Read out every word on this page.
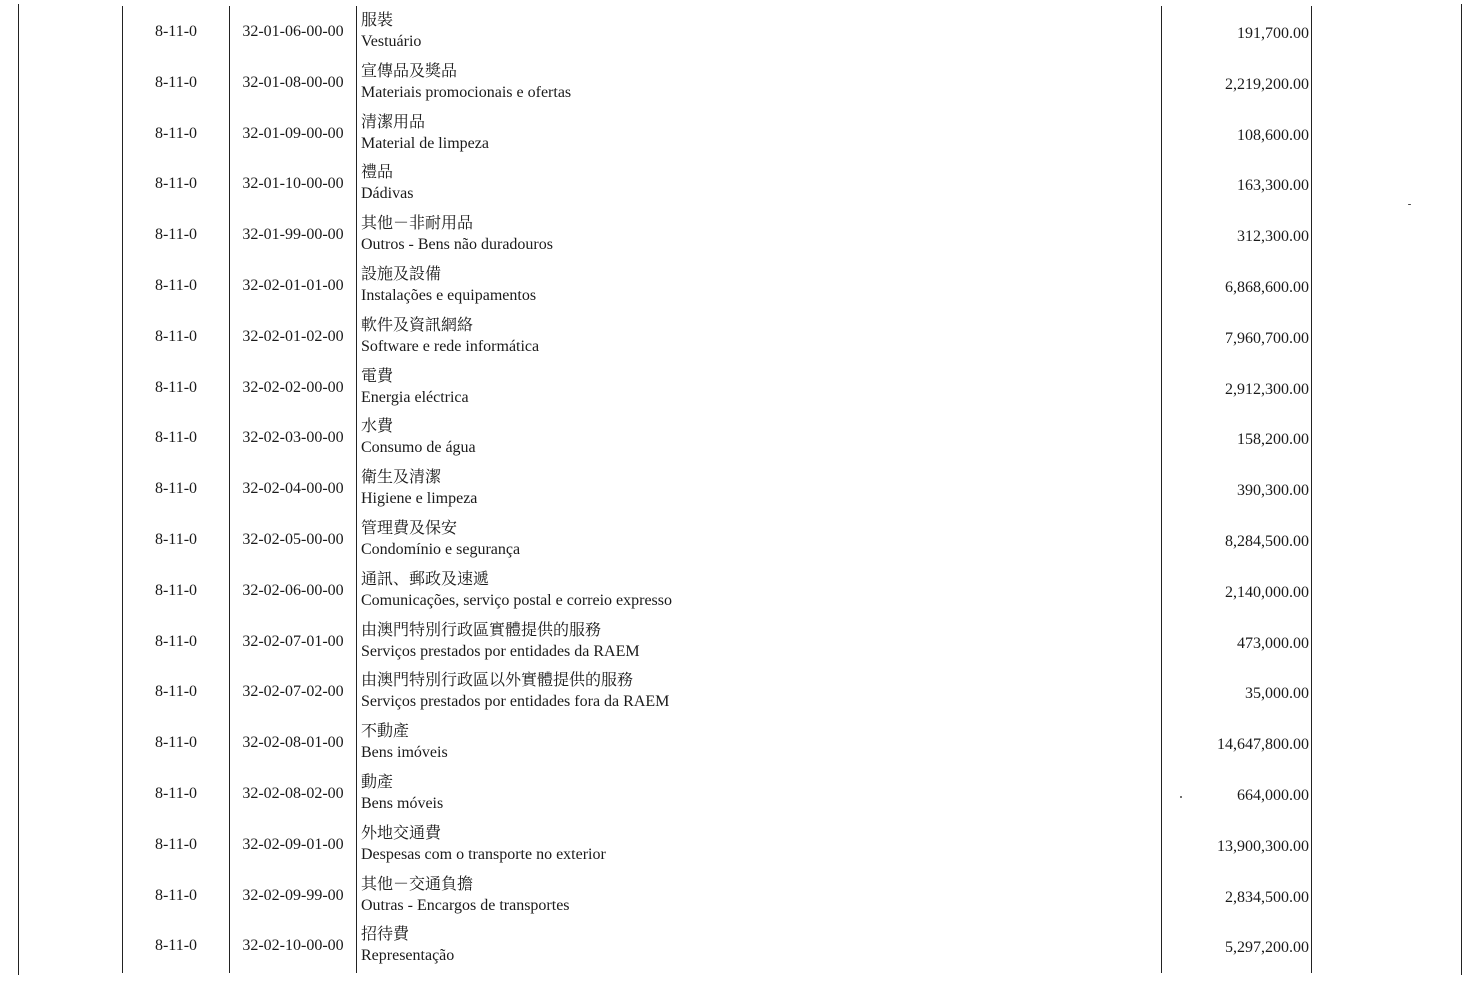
8-11-0	32-01-06-00-00
服裝
Vestuário	191,700.00
8-11-0	32-01-08-00-00
宣傳品及獎品
Materiais promocionais e ofertas	2,219,200.00
8-11-0	32-01-09-00-00
清潔用品
Material de limpeza	108,600.00
8-11-0	32-01-10-00-00
禮品
Dádivas	163,300.00
8-11-0	32-01-99-00-00
其他－非耐用品
Outros - Bens não duradouros	312,300.00
8-11-0	32-02-01-01-00
設施及設備
Instalações e equipamentos	6,868,600.00
8-11-0	32-02-01-02-00
軟件及資訊網絡
Software e rede informática	7,960,700.00
8-11-0	32-02-02-00-00
電費
Energia eléctrica	2,912,300.00
8-11-0	32-02-03-00-00
水費
Consumo de água	158,200.00
8-11-0	32-02-04-00-00
衛生及清潔
Higiene e limpeza	390,300.00
8-11-0	32-02-05-00-00
管理費及保安
Condomínio e segurança	8,284,500.00
8-11-0	32-02-06-00-00
通訊、郵政及速遞
Comunicações, serviço postal e correio expresso	2,140,000.00
8-11-0	32-02-07-01-00
由澳門特別行政區實體提供的服務
Serviços prestados por entidades da RAEM	473,000.00
8-11-0	32-02-07-02-00
由澳門特別行政區以外實體提供的服務
Serviços prestados por entidades fora da RAEM	35,000.00
8-11-0	32-02-08-01-00
不動產
Bens imóveis	14,647,800.00
8-11-0	32-02-08-02-00
動產
Bens móveis	664,000.00
8-11-0	32-02-09-01-00
外地交通費
Despesas com o transporte no exterior	13,900,300.00
8-11-0	32-02-09-99-00
其他－交通負擔
Outras - Encargos de transportes	2,834,500.00
8-11-0	32-02-10-00-00
招待費
Representação	5,297,200.00
